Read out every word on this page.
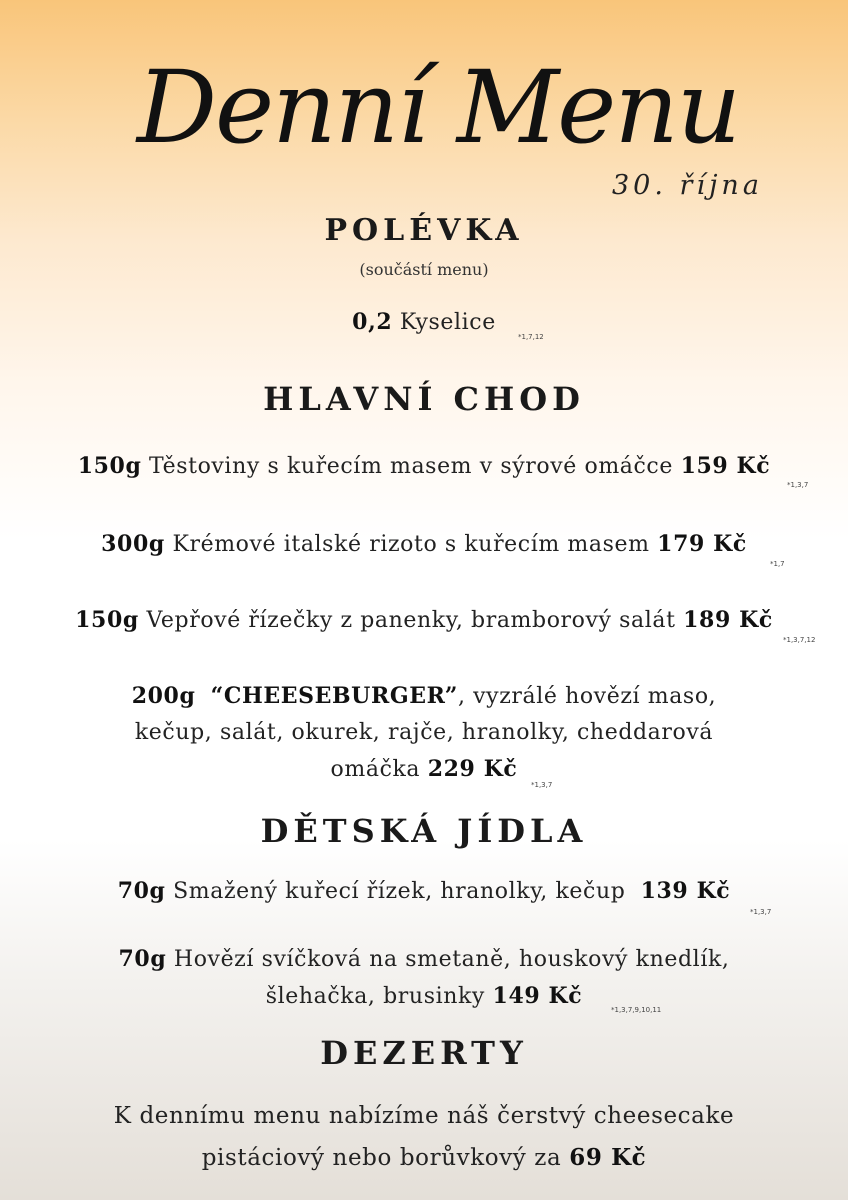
Denní Menu
30. října
POLÉVKA
(součástí menu)
0,2 Kyselice
*1,7,12
HLAVNÍ CHOD
150g Těstoviny s kuřecím masem v sýrové omáčce 159 Kč
*1,3,7
300g Krémové italské rizoto s kuřecím masem 179 Kč
*1,7
150g Vepřové řízečky z panenky, bramborový salát 189 Kč
*1,3,7,12
200g “CHEESEBURGER”, vyzrálé hovězí maso,
kečup, salát, okurek, rajče, hranolky, cheddarová
omáčka 229 Kč
*1,3,7
DĚTSKÁ JÍDLA
70g Smažený kuřecí řízek, hranolky, kečup 139 Kč
*1,3,7
70g Hovězí svíčková na smetaně, houskový knedlík,
šlehačka, brusinky 149 Kč
*1,3,7,9,10,11
DEZERTY
K dennímu menu nabízíme náš čerstvý cheesecake
pistáciový nebo borůvkový za 69 Kč
